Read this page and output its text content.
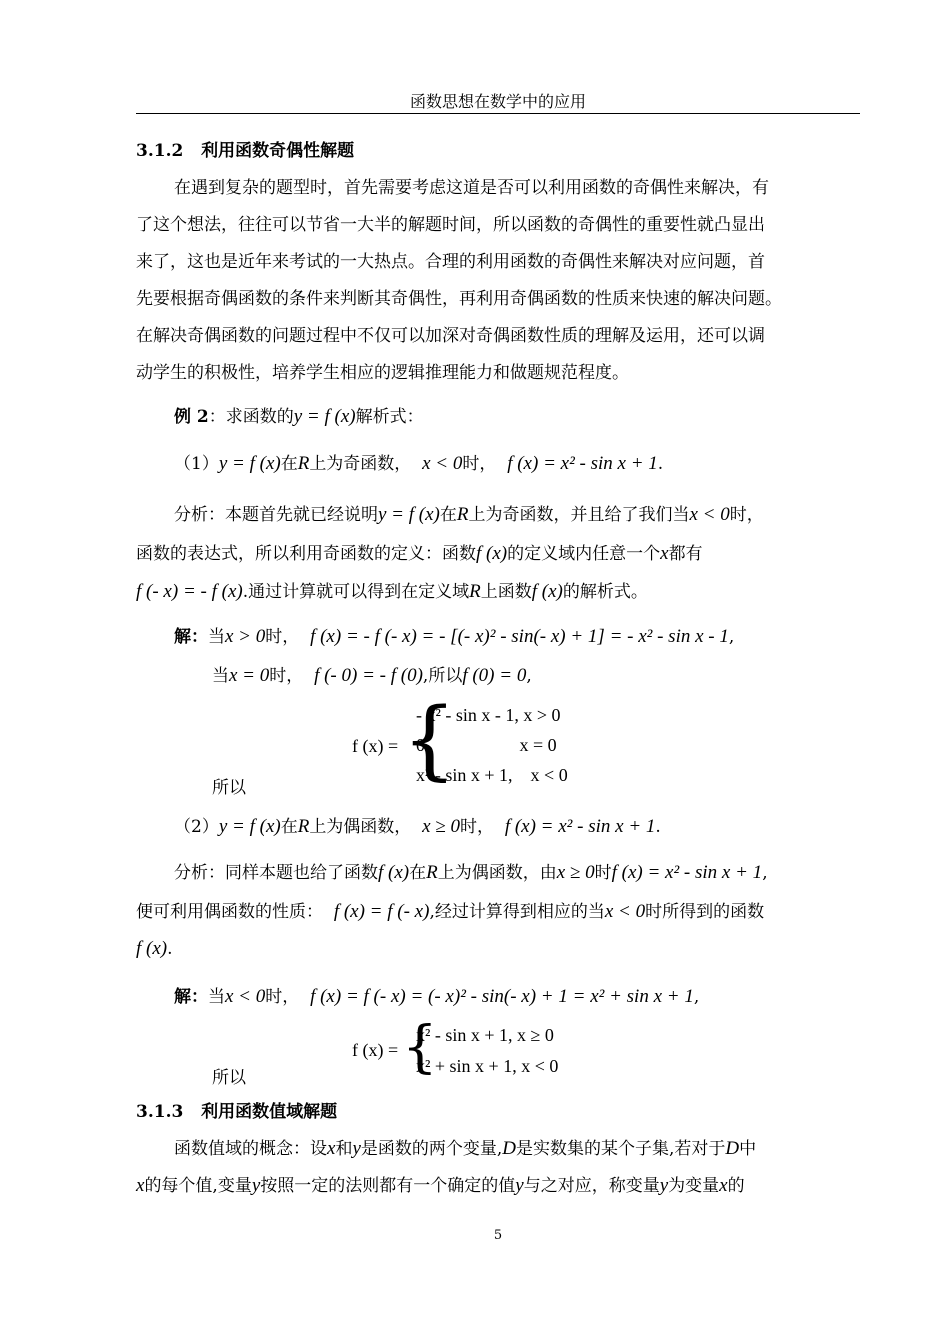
函数思想在数学中的应用
3.1.2 利用函数奇偶性解题
在遇到复杂的题型时，首先需要考虑这道是否可以利用函数的奇偶性来解决，有
了这个想法，往往可以节省一大半的解题时间，所以函数的奇偶性的重要性就凸显出
来了，这也是近年来考试的一大热点。合理的利用函数的奇偶性来解决对应问题，首
先要根据奇偶函数的条件来判断其奇偶性，再利用奇偶函数的性质来快速的解决问题。
在解决奇偶函数的问题过程中不仅可以加深对奇偶函数性质的理解及运用，还可以调
动学生的积极性，培养学生相应的逻辑推理能力和做题规范程度。
例 2：求函数的y = f (x)解析式：
（1）y = f (x)在R上为奇函数， x < 0时， f (x) = x² - sin x + 1.
分析：本题首先就已经说明y = f (x)在R上为奇函数，并且给了我们当x < 0时，
函数的表达式，所以利用奇函数的定义：函数f (x)的定义域内任意一个x都有
f (- x) = - f (x).通过计算就可以得到在定义域R上函数f (x)的解析式。
解：当x > 0时， f (x) = - f (- x) = - [(- x)² - sin(- x) + 1] = - x² - sin x - 1,
当x = 0时， f (- 0) = - f (0),所以f (0) = 0,
f (x) = {
- x² - sin x - 1, x > 0
0,                    x = 0
x² - sin x + 1,    x < 0
所以
（2）y = f (x)在R上为偶函数， x ≥ 0时， f (x) = x² - sin x + 1.
分析：同样本题也给了函数f (x)在R上为偶函数，由x ≥ 0时f (x) = x² - sin x + 1,
便可利用偶函数的性质： f (x) = f (- x),经过计算得到相应的当x < 0时所得到的函数
f (x).
解：当x < 0时， f (x) = f (- x) = (- x)² - sin(- x) + 1 = x² + sin x + 1,
f (x) = {
x² - sin x + 1, x ≥ 0
x² + sin x + 1, x < 0
所以
3.1.3 利用函数值域解题
函数值域的概念：设x和y是函数的两个变量,D是实数集的某个子集,若对于D中
x的每个值,变量y按照一定的法则都有一个确定的值y与之对应，称变量y为变量x的
5
